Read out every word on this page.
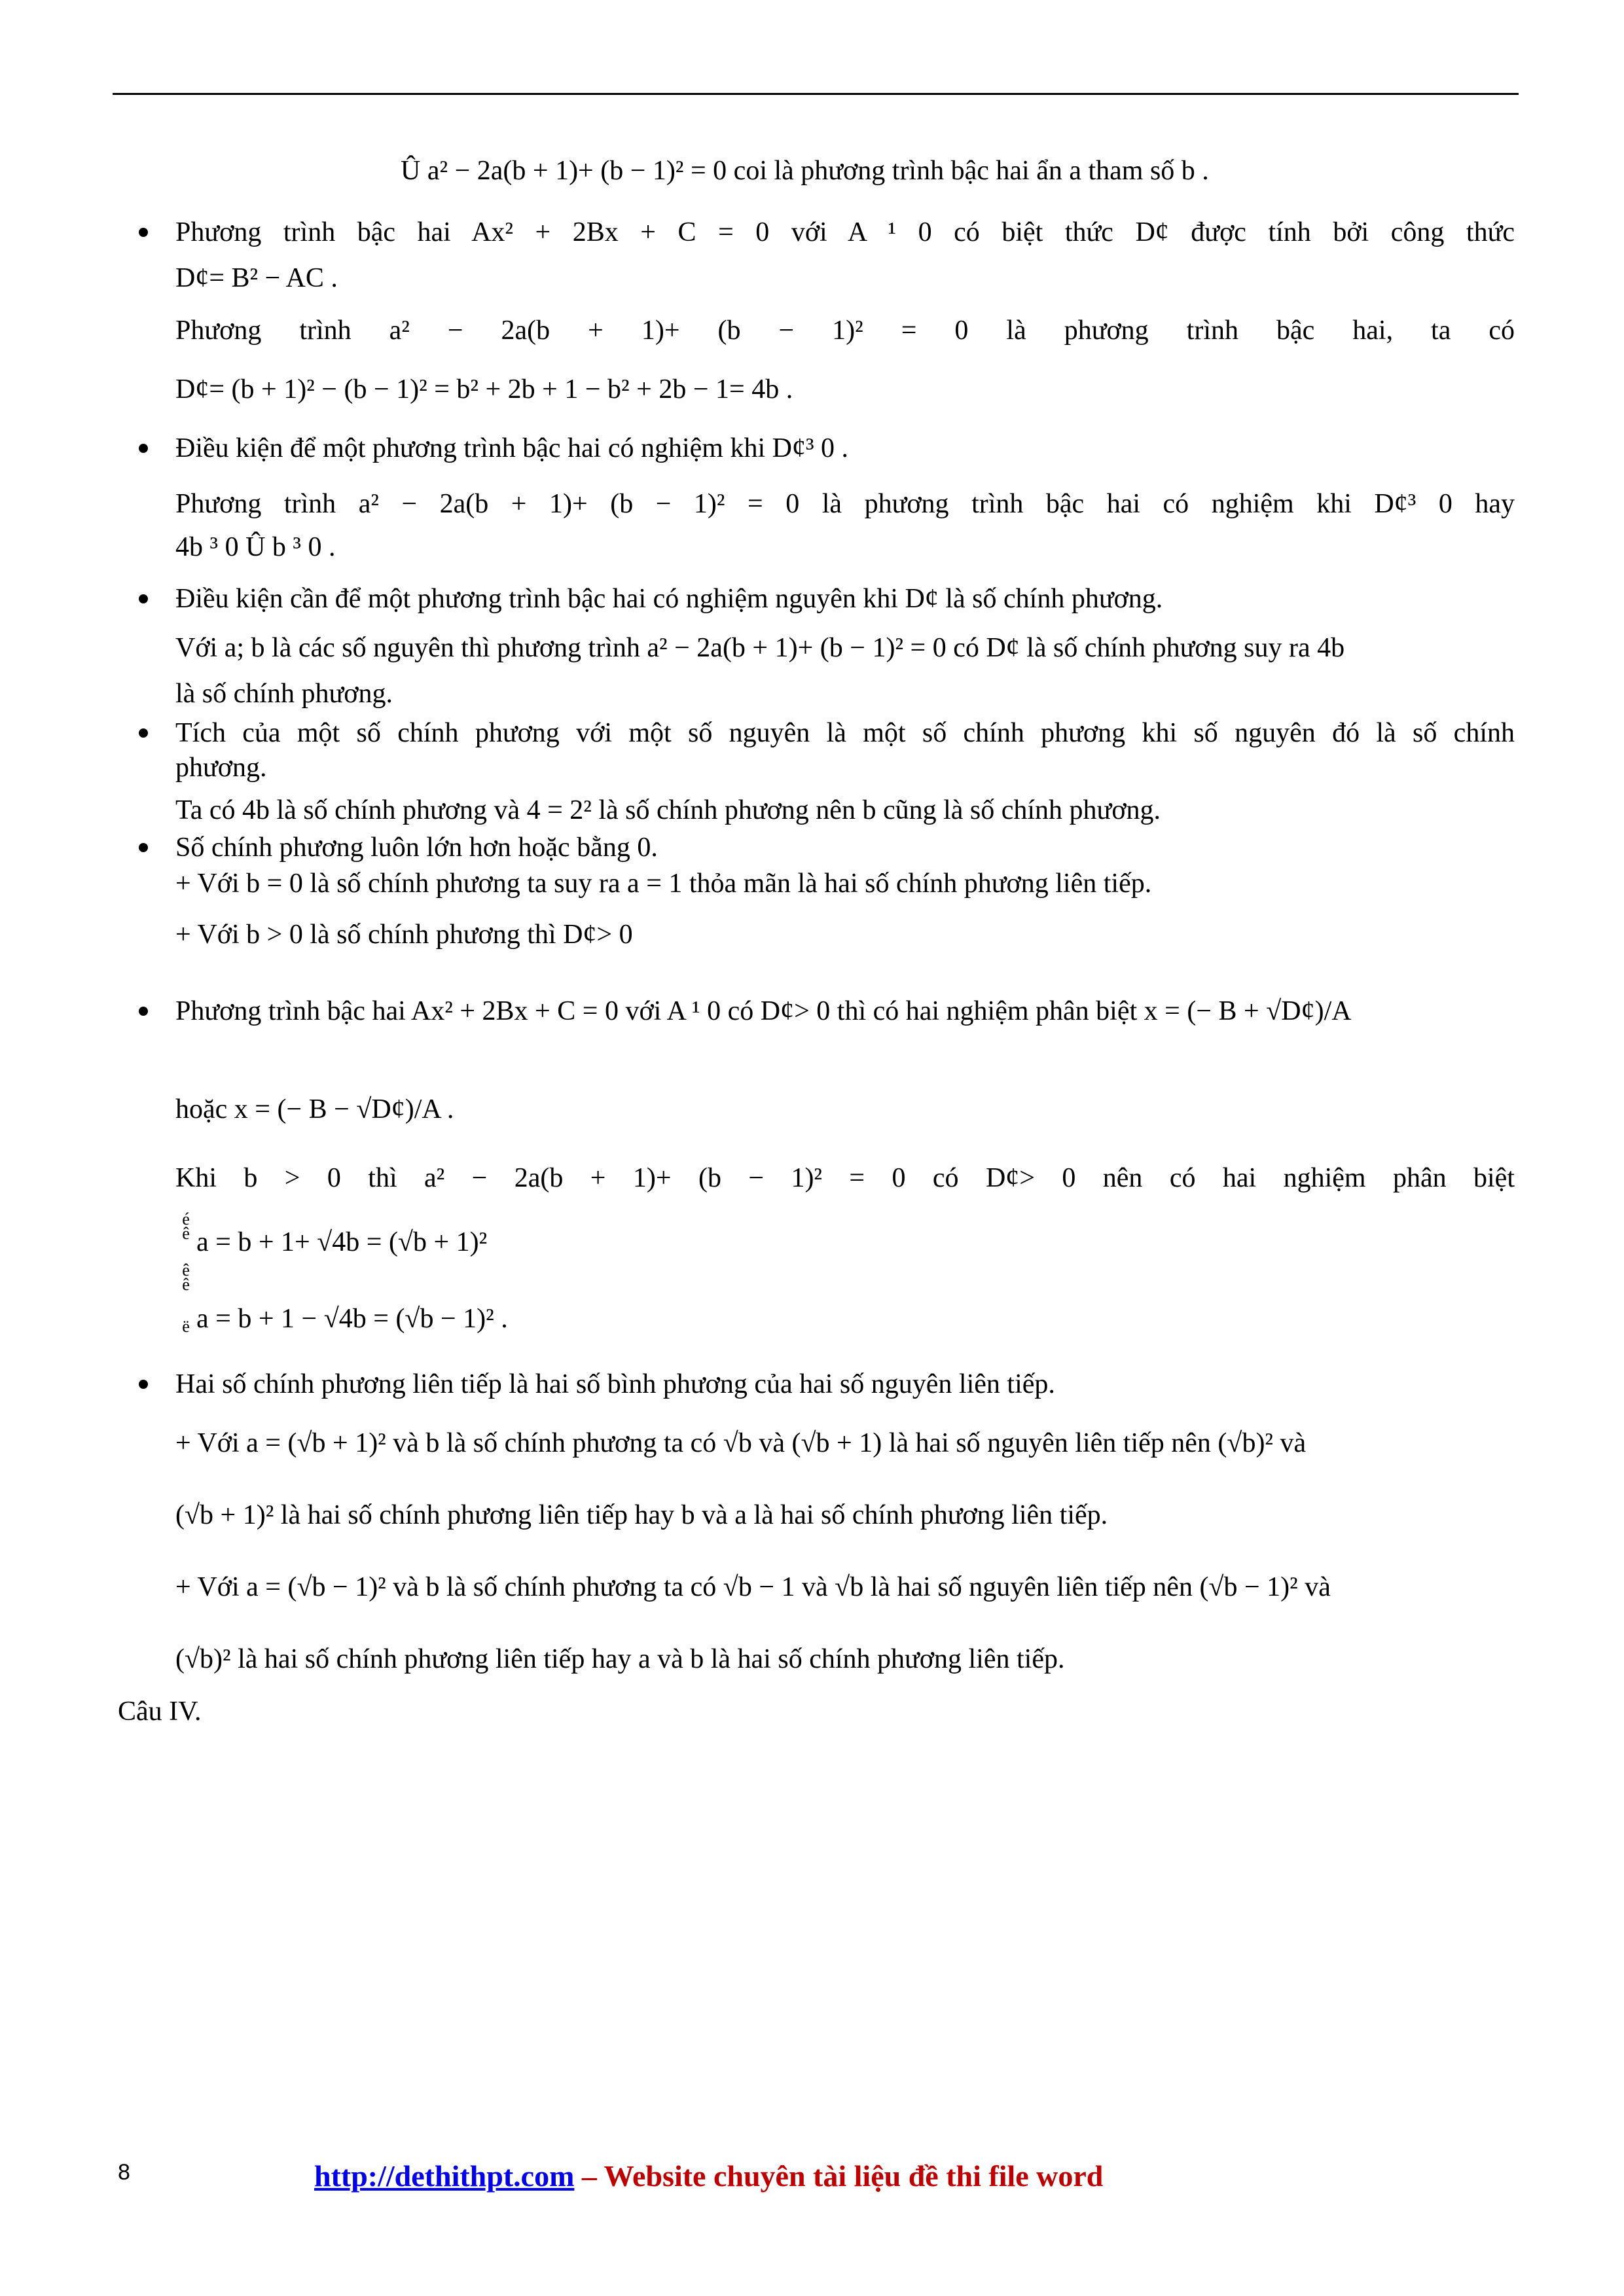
Û a² − 2a(b + 1)+ (b − 1)² = 0 coi là phương trình bậc hai ẩn a tham số b .
Phương trình bậc hai Ax² + 2Bx + C = 0 với A ¹ 0 có biệt thức D¢ được tính bởi công thức
D¢= B² − AC .
Phương trình a² − 2a(b + 1)+ (b − 1)² = 0 là phương trình bậc hai, ta có
D¢= (b + 1)² − (b − 1)² = b² + 2b + 1 − b² + 2b − 1= 4b .
Điều kiện để một phương trình bậc hai có nghiệm khi D¢³ 0 .
Phương trình a² − 2a(b + 1)+ (b − 1)² = 0 là phương trình bậc hai có nghiệm khi D¢³ 0 hay
4b ³ 0 Û b ³ 0 .
Điều kiện cần để một phương trình bậc hai có nghiệm nguyên khi D¢ là số chính phương.
Với a; b là các số nguyên thì phương trình a² − 2a(b + 1)+ (b − 1)² = 0 có D¢ là số chính phương suy ra 4b
là số chính phương.
Tích của một số chính phương với một số nguyên là một số chính phương khi số nguyên đó là số chính
phương.
Ta có 4b là số chính phương và 4 = 2² là số chính phương nên b cũng là số chính phương.
Số chính phương luôn lớn hơn hoặc bằng 0.
+ Với b = 0 là số chính phương ta suy ra a = 1 thỏa mãn là hai số chính phương liên tiếp.
+ Với b > 0 là số chính phương thì D¢> 0
Phương trình bậc hai Ax² + 2Bx + C = 0 với A ¹ 0 có D¢> 0 thì có hai nghiệm phân biệt x = (− B + √D¢)/A
hoặc x = (− B − √D¢)/A .
Khi b > 0 thì a² − 2a(b + 1)+ (b − 1)² = 0 có D¢> 0 nên có hai nghiệm phân biệt
é
ê
ê
ê
ë
a = b + 1+ √4b = (√b + 1)²
a = b + 1 − √4b = (√b − 1)² .
Hai số chính phương liên tiếp là hai số bình phương của hai số nguyên liên tiếp.
+ Với a = (√b + 1)² và b là số chính phương ta có √b và (√b + 1) là hai số nguyên liên tiếp nên (√b)² và
(√b + 1)² là hai số chính phương liên tiếp hay b và a là hai số chính phương liên tiếp.
+ Với a = (√b − 1)² và b là số chính phương ta có √b − 1 và √b là hai số nguyên liên tiếp nên (√b − 1)² và
(√b)² là hai số chính phương liên tiếp hay a và b là hai số chính phương liên tiếp.
Câu IV.
8	http://dethithpt.com – Website chuyên tài liệu đề thi file word
